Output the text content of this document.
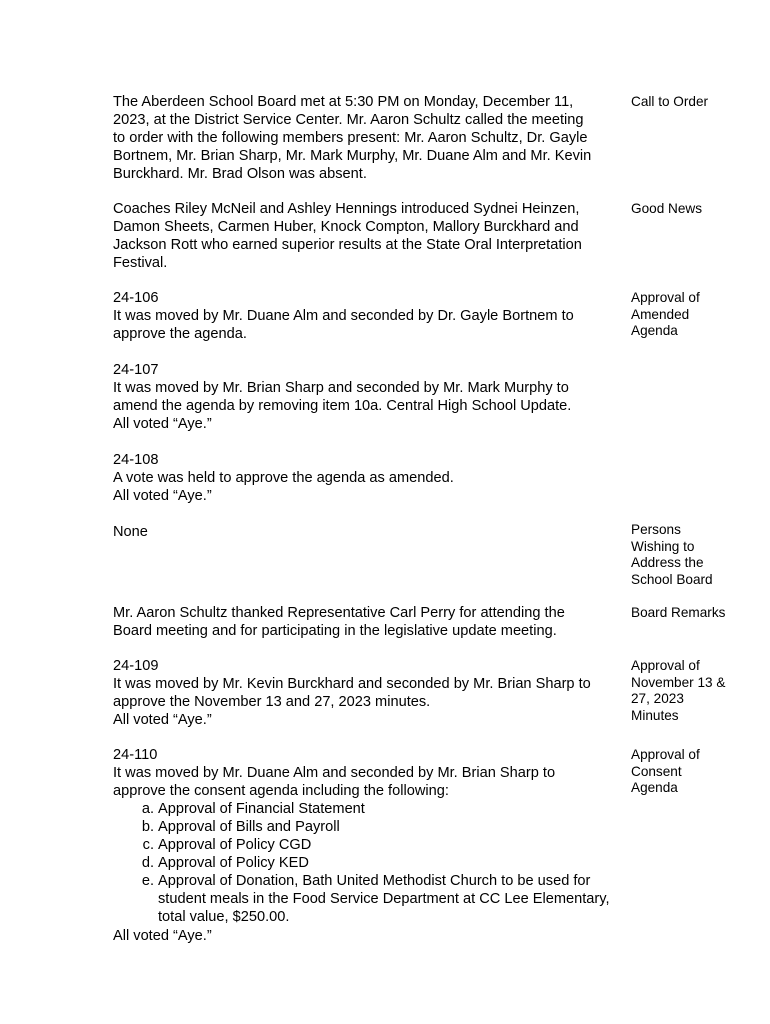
The Aberdeen School Board met at 5:30 PM on Monday, December 11,
2023, at the District Service Center. Mr. Aaron Schultz called the meeting
to order with the following members present: Mr. Aaron Schultz, Dr. Gayle
Bortnem, Mr. Brian Sharp, Mr. Mark Murphy, Mr. Duane Alm and Mr. Kevin
Burckhard. Mr. Brad Olson was absent.
Call to Order
Coaches Riley McNeil and Ashley Hennings introduced Sydnei Heinzen,
Damon Sheets, Carmen Huber, Knock Compton, Mallory Burckhard and
Jackson Rott who earned superior results at the State Oral Interpretation
Festival.
Good News
24-106
It was moved by Mr. Duane Alm and seconded by Dr. Gayle Bortnem to
approve the agenda.
Approval of
Amended
Agenda
24-107
It was moved by Mr. Brian Sharp and seconded by Mr. Mark Murphy to
amend the agenda by removing item 10a. Central High School Update.
All voted “Aye.”
24-108
A vote was held to approve the agenda as amended.
All voted “Aye.”
None	Persons
Wishing to
Address the
School Board
Mr. Aaron Schultz thanked Representative Carl Perry for attending the
Board meeting and for participating in the legislative update meeting.
Board Remarks
24-109
It was moved by Mr. Kevin Burckhard and seconded by Mr. Brian Sharp to
approve the November 13 and 27, 2023 minutes.
All voted “Aye.”
Approval of
November 13 &
27, 2023
Minutes
24-110
It was moved by Mr. Duane Alm and seconded by Mr. Brian Sharp to
approve the consent agenda including the following:
Approval of
Consent
Agenda
a. Approval of Financial Statement
b. Approval of Bills and Payroll
c. Approval of Policy CGD
d. Approval of Policy KED
e. Approval of Donation, Bath United Methodist Church to be used for student meals in the Food Service Department at CC Lee Elementary, total value, $250.00.
All voted “Aye.”
